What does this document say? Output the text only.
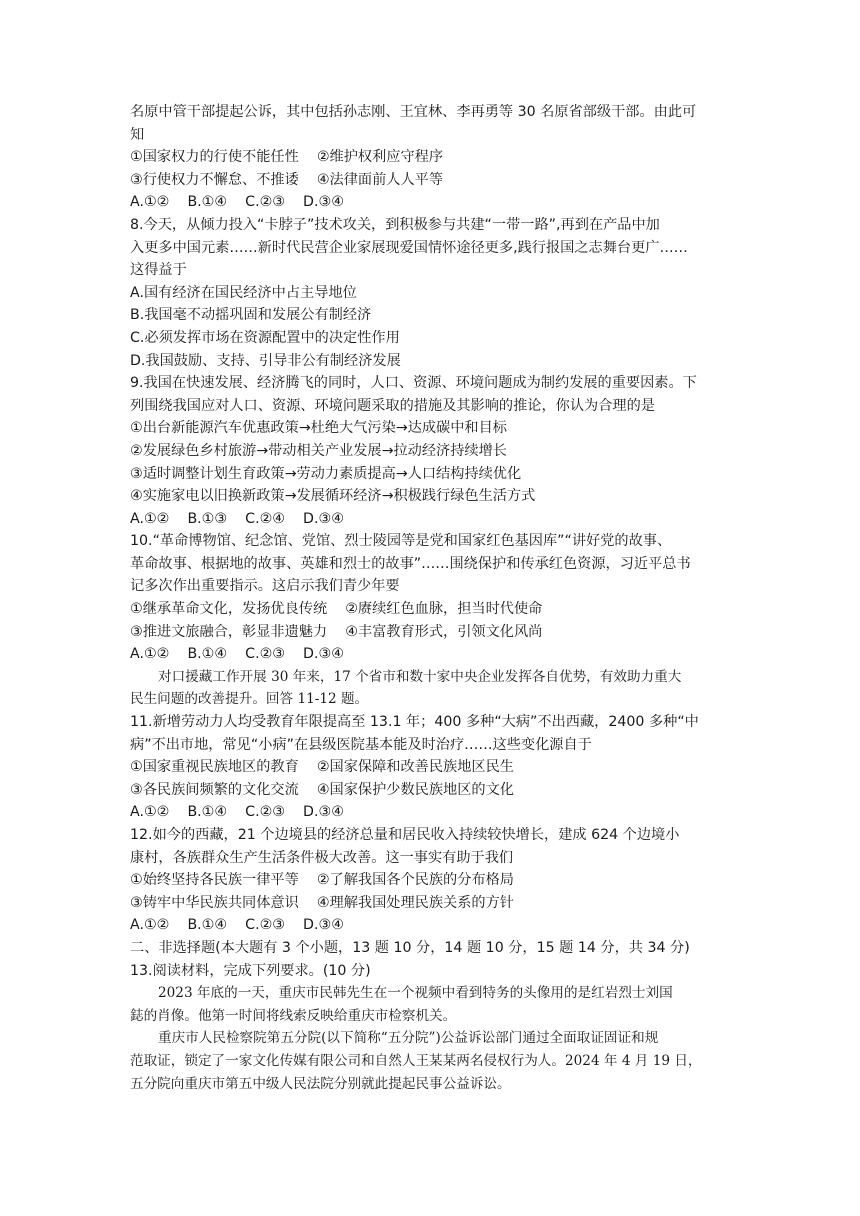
名原中管干部提起公诉，其中包括孙志刚、王宜林、李再勇等 30 名原省部级干部。由此可
知
①国家权力的行使不能任性    ②维护权利应守程序
③行使权力不懈怠、不推诿    ④法律面前人人平等
A.①②    B.①④    C.②③    D.③④
8.今天，从倾力投入“卡脖子”技术攻关，到积极参与共建“一带一路”,再到在产品中加
入更多中国元素……新时代民营企业家展现爱国情怀途径更多,践行报国之志舞台更广……
这得益于
A.国有经济在国民经济中占主导地位
B.我国毫不动摇巩固和发展公有制经济
C.必须发挥市场在资源配置中的决定性作用
D.我国鼓励、支持、引导非公有制经济发展
9.我国在快速发展、经济腾飞的同时，人口、资源、环境问题成为制约发展的重要因素。下
列围绕我国应对人口、资源、环境问题采取的措施及其影响的推论，你认为合理的是
①出台新能源汽车优惠政策→杜绝大气污染→达成碳中和目标
②发展绿色乡村旅游→带动相关产业发展→拉动经济持续增长
③适时调整计划生育政策→劳动力素质提高→人口结构持续优化
④实施家电以旧换新政策→发展循环经济→积极践行绿色生活方式
A.①②    B.①③    C.②④    D.③④
10.“革命博物馆、纪念馆、党馆、烈士陵园等是党和国家红色基因库”“讲好党的故事、
革命故事、根据地的故事、英雄和烈士的故事”……围绕保护和传承红色资源，习近平总书
记多次作出重要指示。这启示我们青少年要
①继承革命文化，发扬优良传统    ②赓续红色血脉，担当时代使命
③推进文旅融合，彰显非遗魅力    ④丰富教育形式，引领文化风尚
A.①②    B.①④    C.②③    D.③④
对口援藏工作开展 30 年来，17 个省市和数十家中央企业发挥各自优势，有效助力重大
民生问题的改善提升。回答 11-12 题。
11.新增劳动力人均受教育年限提高至 13.1 年；400 多种“大病”不出西藏，2400 多种“中
病”不出市地，常见“小病”在县级医院基本能及时治疗……这些变化源自于
①国家重视民族地区的教育    ②国家保障和改善民族地区民生
③各民族间频繁的文化交流    ④国家保护少数民族地区的文化
A.①②    B.①④    C.②③    D.③④
12.如今的西藏，21 个边境县的经济总量和居民收入持续较快增长，建成 624 个边境小
康村，各族群众生产生活条件极大改善。这一事实有助于我们
①始终坚持各民族一律平等    ②了解我国各个民族的分布格局
③铸牢中华民族共同体意识    ④理解我国处理民族关系的方针
A.①②    B.①④    C.②③    D.③④
二、非选择题(本大题有 3 个小题，13 题 10 分，14 题 10 分，15 题 14 分，共 34 分)
13.阅读材料，完成下列要求。(10 分)
2023 年底的一天，重庆市民韩先生在一个视频中看到特务的头像用的是红岩烈士刘国
鋕的肖像。他第一时间将线索反映给重庆市检察机关。
重庆市人民检察院第五分院(以下简称“五分院”)公益诉讼部门通过全面取证固证和规
范取证，锁定了一家文化传媒有限公司和自然人王某某两名侵权行为人。2024 年 4 月 19 日，
五分院向重庆市第五中级人民法院分别就此提起民事公益诉讼。
